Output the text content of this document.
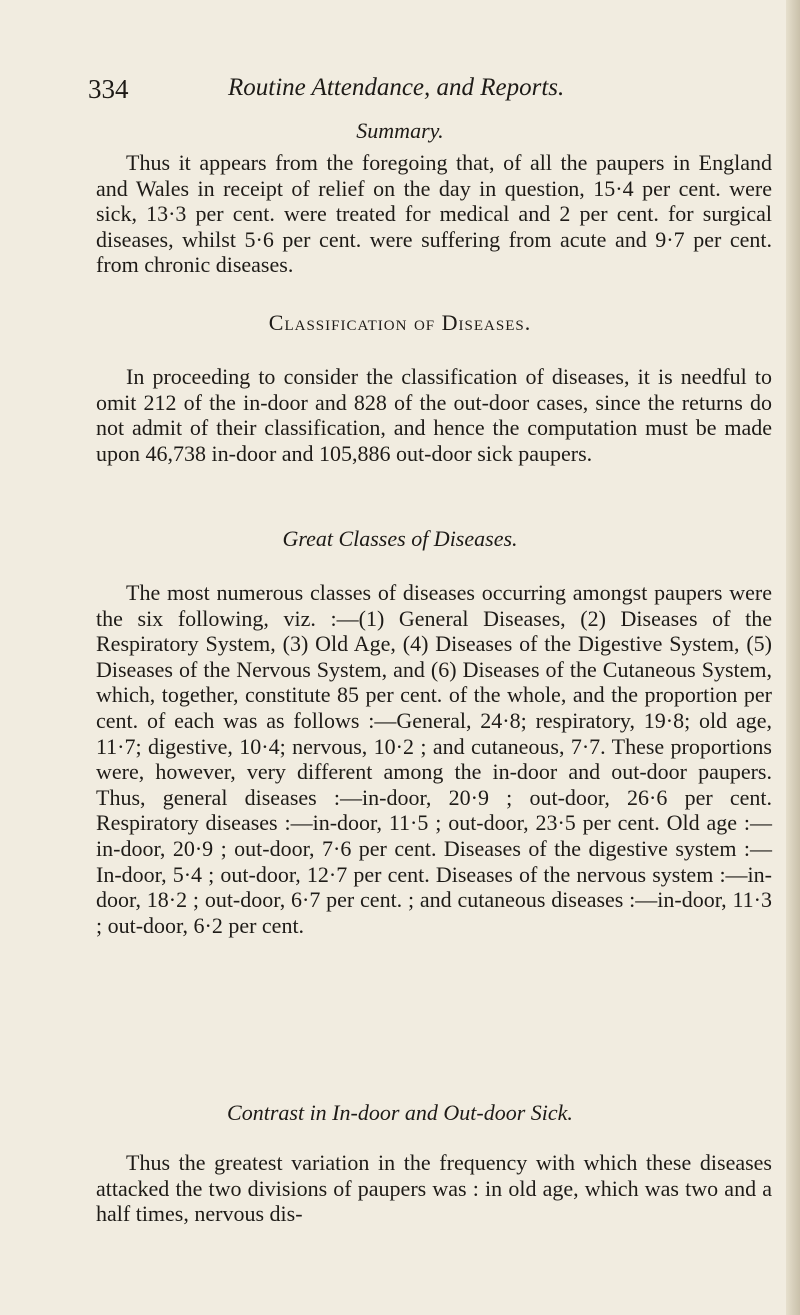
334	Routine Attendance, and Reports.
Summary.

Thus it appears from the foregoing that, of all the paupers in England and Wales in receipt of relief on the day in question, 15·4 per cent. were sick, 13·3 per cent. were treated for medical and 2 per cent. for surgical diseases, whilst 5·6 per cent. were suffering from acute and 9·7 per cent. from chronic diseases.

Classification of Diseases.

In proceeding to consider the classification of diseases, it is needful to omit 212 of the in-door and 828 of the out-door cases, since the returns do not admit of their classification, and hence the computation must be made upon 46,738 in-door and 105,886 out-door sick paupers.

Great Classes of Diseases.

The most numerous classes of diseases occurring amongst paupers were the six following, viz. :—(1) General Diseases, (2) Diseases of the Respiratory System, (3) Old Age, (4) Diseases of the Digestive System, (5) Diseases of the Nervous System, and (6) Diseases of the Cutaneous System, which, together, constitute 85 per cent. of the whole, and the proportion per cent. of each was as follows :—General, 24·8; respiratory, 19·8; old age, 11·7; digestive, 10·4; nervous, 10·2 ; and cutaneous, 7·7. These proportions were, however, very different among the in-door and out-door paupers. Thus, general diseases :—in-door, 20·9 ; out-door, 26·6 per cent. Respiratory diseases :—in-door, 11·5 ; out-door, 23·5 per cent. Old age :—in-door, 20·9 ; out-door, 7·6 per cent. Diseases of the digestive system :—In-door, 5·4 ; out-door, 12·7 per cent. Diseases of the nervous system :—in-door, 18·2 ; out-door, 6·7 per cent. ; and cutaneous diseases :—in-door, 11·3 ; out-door, 6·2 per cent.

Contrast in In-door and Out-door Sick.

Thus the greatest variation in the frequency with which these diseases attacked the two divisions of paupers was : in old age, which was two and a half times, nervous dis-
